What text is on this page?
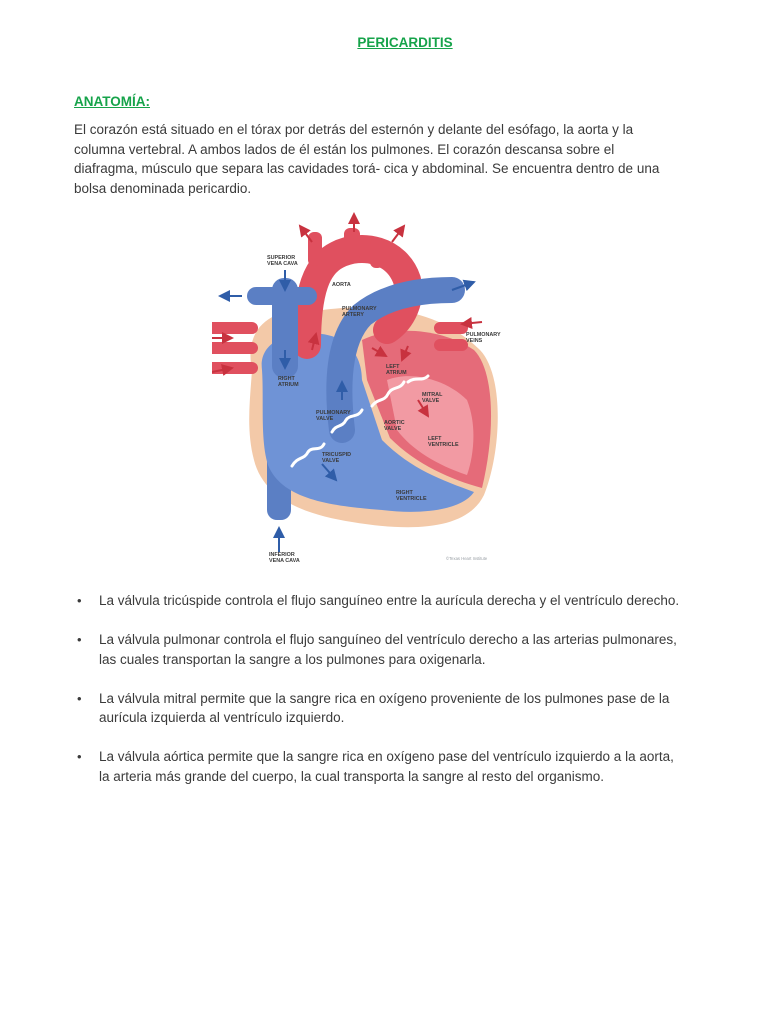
PERICARDITIS
ANATOMÍA:

El corazón está situado en el tórax por detrás del esternón y delante del esófago, la aorta y la columna vertebral. A ambos lados de él están los pulmones. El corazón descansa sobre el diafragma, músculo que separa las cavidades torá- cica y abdominal. Se encuentra dentro de una bolsa denominada pericardio.

SUPERIOR VENA CAVA
AORTA
PULMONARY ARTERY
PULMONARY VEINS
LEFT ATRIUM
RIGHT ATRIUM
MITRAL VALVE
PULMONARY VALVE
AORTIC VALVE
LEFT VENTRICLE
TRICUSPID VALVE
RIGHT VENTRICLE
INFERIOR VENA CAVA	©Texas Heart Institute
• La válvula tricúspide controla el flujo sanguíneo entre la aurícula derecha y el ventrículo derecho.
• La válvula pulmonar controla el flujo sanguíneo del ventrículo derecho a las arterias pulmonares, las cuales transportan la sangre a los pulmones para oxigenarla.
• La válvula mitral permite que la sangre rica en oxígeno proveniente de los pulmones pase de la aurícula izquierda al ventrículo izquierdo.
• La válvula aórtica permite que la sangre rica en oxígeno pase del ventrículo izquierdo a la aorta, la arteria más grande del cuerpo, la cual transporta la sangre al resto del organismo.
